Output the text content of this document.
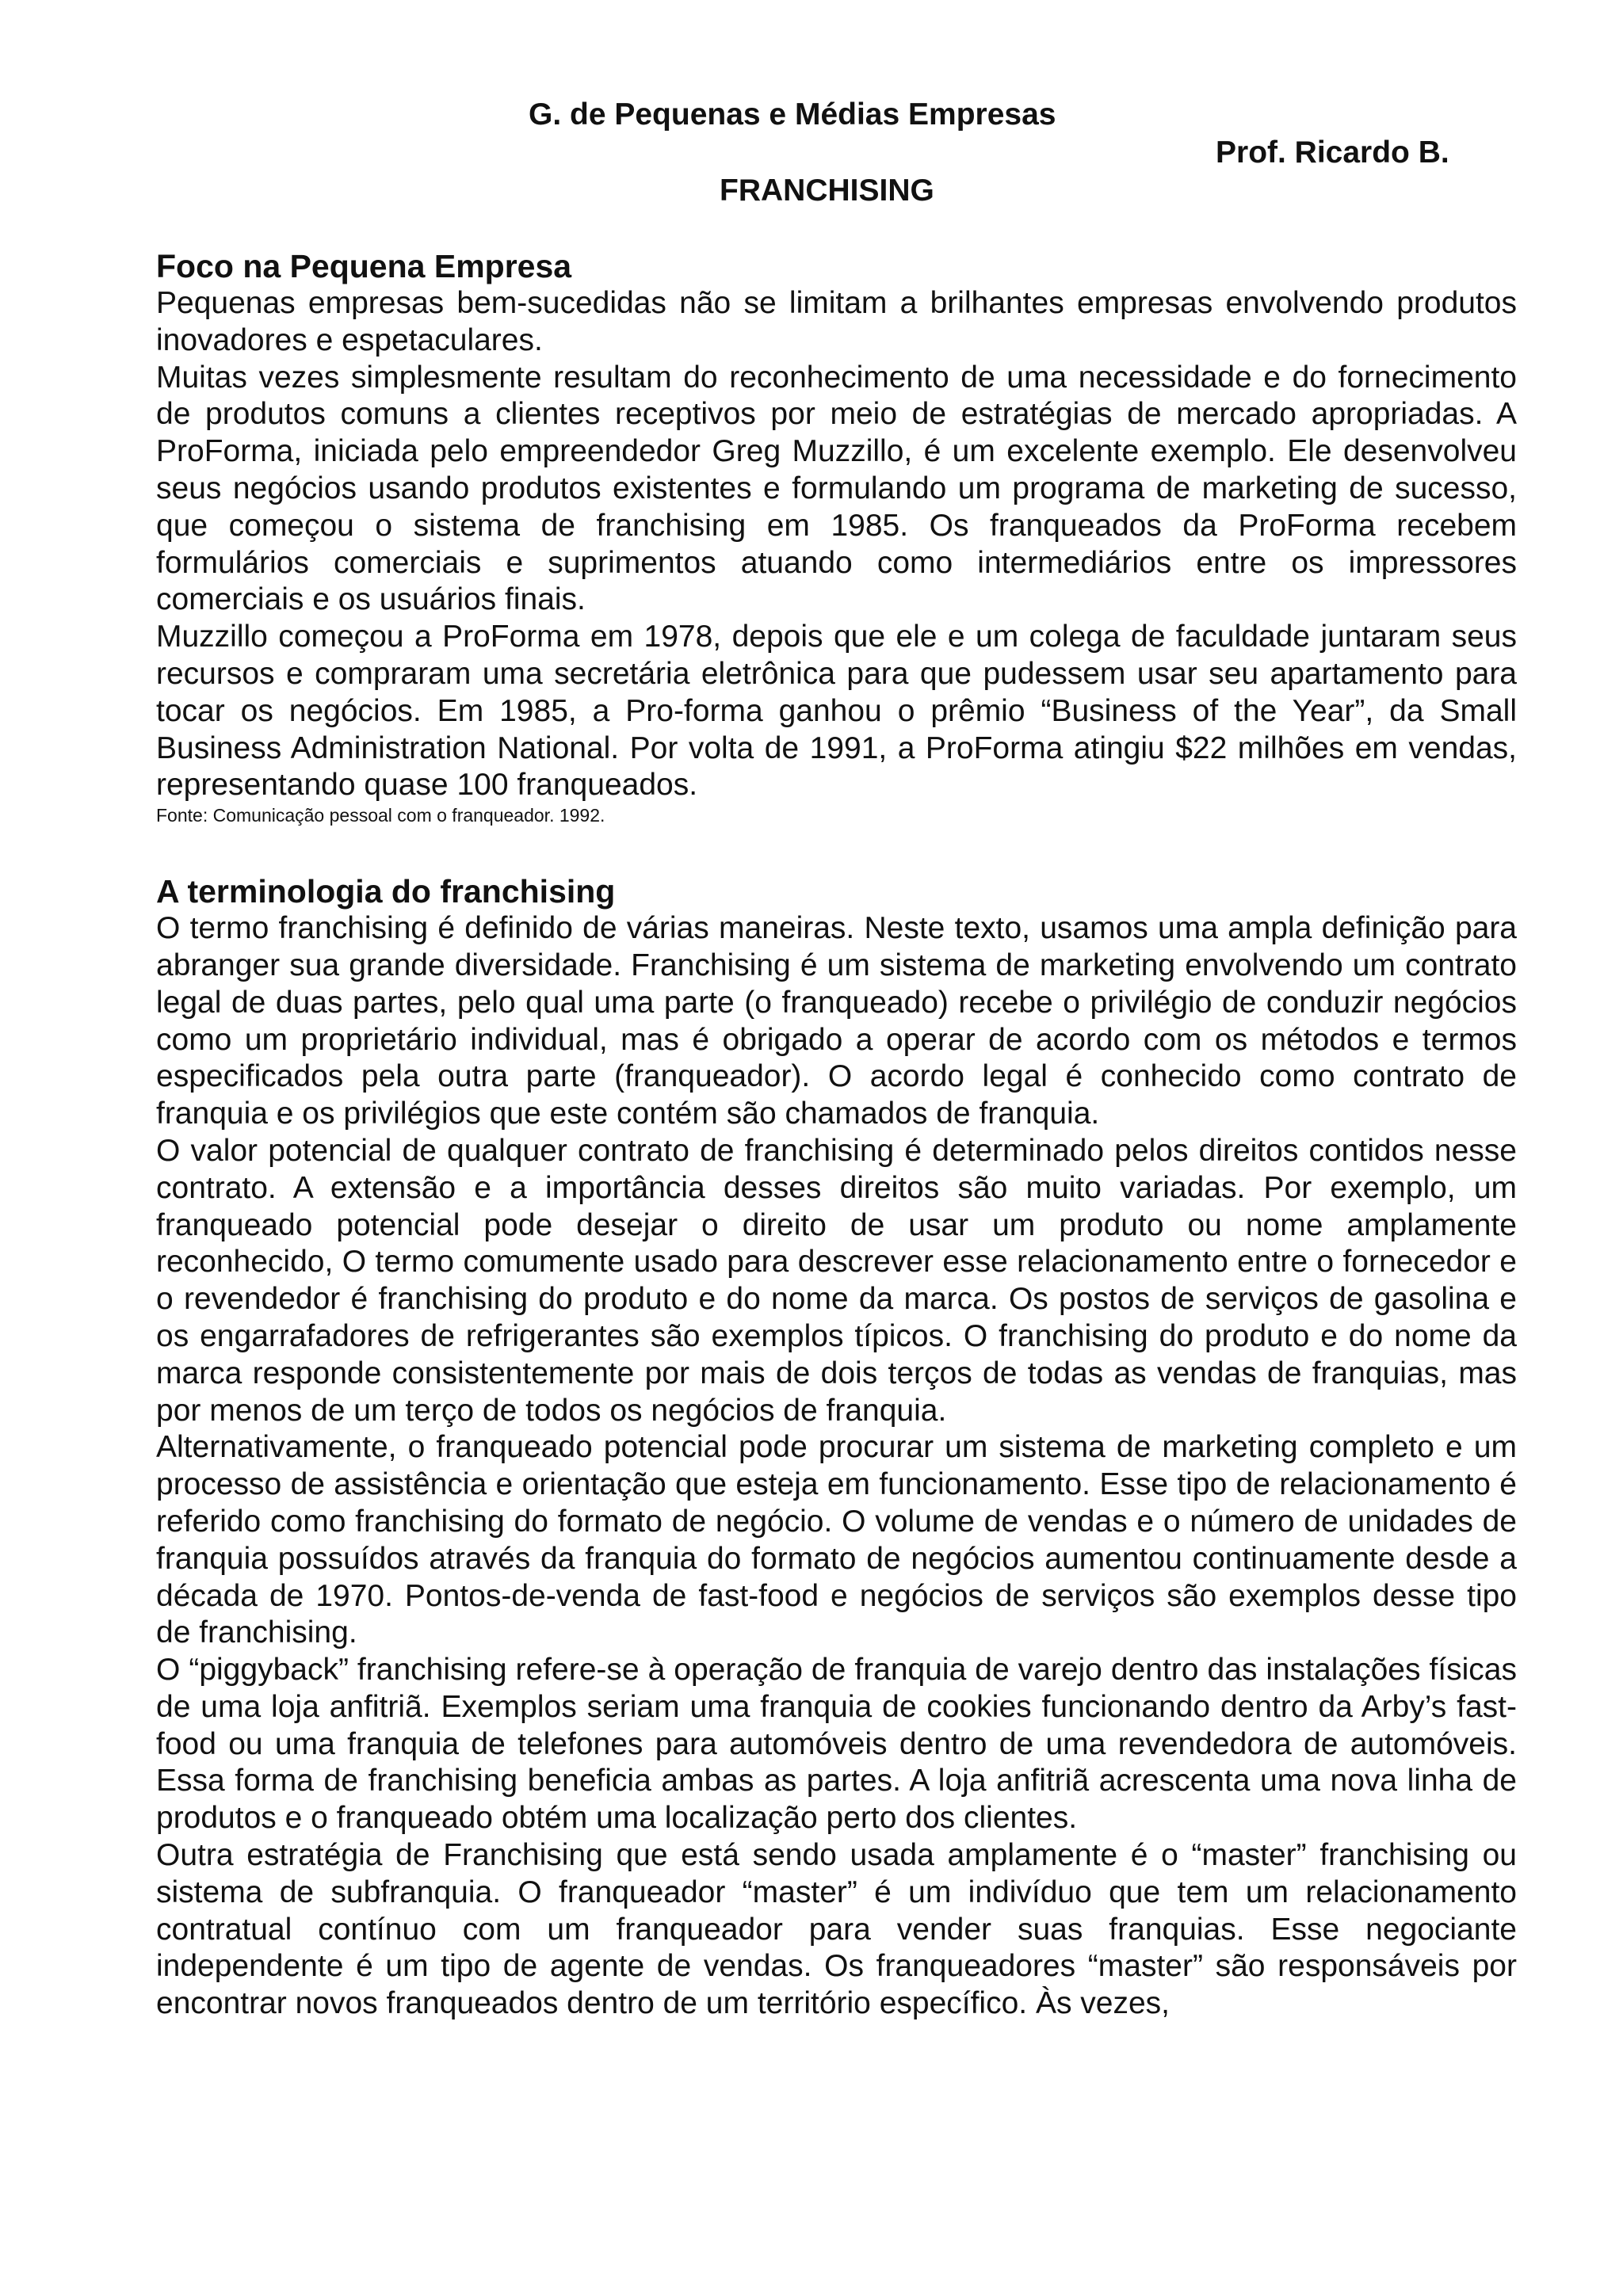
G. de Pequenas e Médias Empresas

Prof. Ricardo B.

FRANCHISING

Foco na Pequena Empresa

Pequenas empresas bem-sucedidas não se limitam a brilhantes empresas envolvendo produtos inovadores e espetaculares.

Muitas vezes simplesmente resultam do reconhecimento de uma necessidade e do fornecimento de produtos comuns a clientes receptivos por meio de estratégias de mercado apropriadas. A ProForma, iniciada pelo empreendedor Greg Muzzillo, é um excelente exemplo. Ele desenvolveu seus negócios usando produtos existentes e formulando um programa de marketing de sucesso, que começou o sistema de franchising em 1985. Os franqueados da ProForma recebem formulários comerciais e suprimentos atuando como intermediários entre os impressores comerciais e os usuários finais.

Muzzillo começou a ProForma em 1978, depois que ele e um colega de faculdade juntaram seus recursos e compraram uma secretária eletrônica para que pudessem usar seu apartamento para tocar os negócios. Em 1985, a Pro-forma ganhou o prêmio “Business of the Year”, da Small Business Administration National. Por volta de 1991, a ProForma atingiu $22 milhões em vendas, representando quase 100 franqueados.

Fonte: Comunicação pessoal com o franqueador. 1992.

A terminologia do franchising

O termo franchising é definido de várias maneiras. Neste texto, usamos uma ampla definição para abranger sua grande diversidade. Franchising é um sistema de marketing envolvendo um contrato legal de duas partes, pelo qual uma parte (o franqueado) recebe o privilégio de conduzir negócios como um proprietário individual, mas é obrigado a operar de acordo com os métodos e termos especificados pela outra parte (franqueador). O acordo legal é conhecido como contrato de franquia e os privilégios que este contém são chamados de franquia.

O valor potencial de qualquer contrato de franchising é determinado pelos direitos contidos nesse contrato. A extensão e a importância desses direitos são muito variadas. Por exemplo, um franqueado potencial pode desejar o direito de usar um produto ou nome amplamente reconhecido, O termo comumente usado para descrever esse relacionamento entre o fornecedor e o revendedor é franchising do produto e do nome da marca. Os postos de serviços de gasolina e os engarrafadores de refrigerantes são exemplos típicos. O franchising do produto e do nome da marca responde consistentemente por mais de dois terços de todas as vendas de franquias, mas por menos de um terço de todos os negócios de franquia.

Alternativamente, o franqueado potencial pode procurar um sistema de marketing completo e um processo de assistência e orientação que esteja em funcionamento. Esse tipo de relacionamento é referido como franchising do formato de negócio. O volume de vendas e o número de unidades de franquia possuídos através da franquia do formato de negócios aumentou continuamente desde a década de 1970. Pontos-de-venda de fast-food e negócios de serviços são exemplos desse tipo de franchising.

O “piggyback” franchising refere-se à operação de franquia de varejo dentro das instalações físicas de uma loja anfitriã. Exemplos seriam uma franquia de cookies funcionando dentro da Arby’s fast-food ou uma franquia de telefones para automóveis dentro de uma revendedora de automóveis. Essa forma de franchising beneficia ambas as partes. A loja anfitriã acrescenta uma nova linha de produtos e o franqueado obtém uma localização perto dos clientes.

Outra estratégia de Franchising que está sendo usada amplamente é o “master” franchising ou sistema de subfranquia. O franqueador “master” é um indivíduo que tem um relacionamento contratual contínuo com um franqueador para vender suas franquias. Esse negociante independente é um tipo de agente de vendas. Os franqueadores “master” são responsáveis por encontrar novos franqueados dentro de um território específico. Às vezes,
